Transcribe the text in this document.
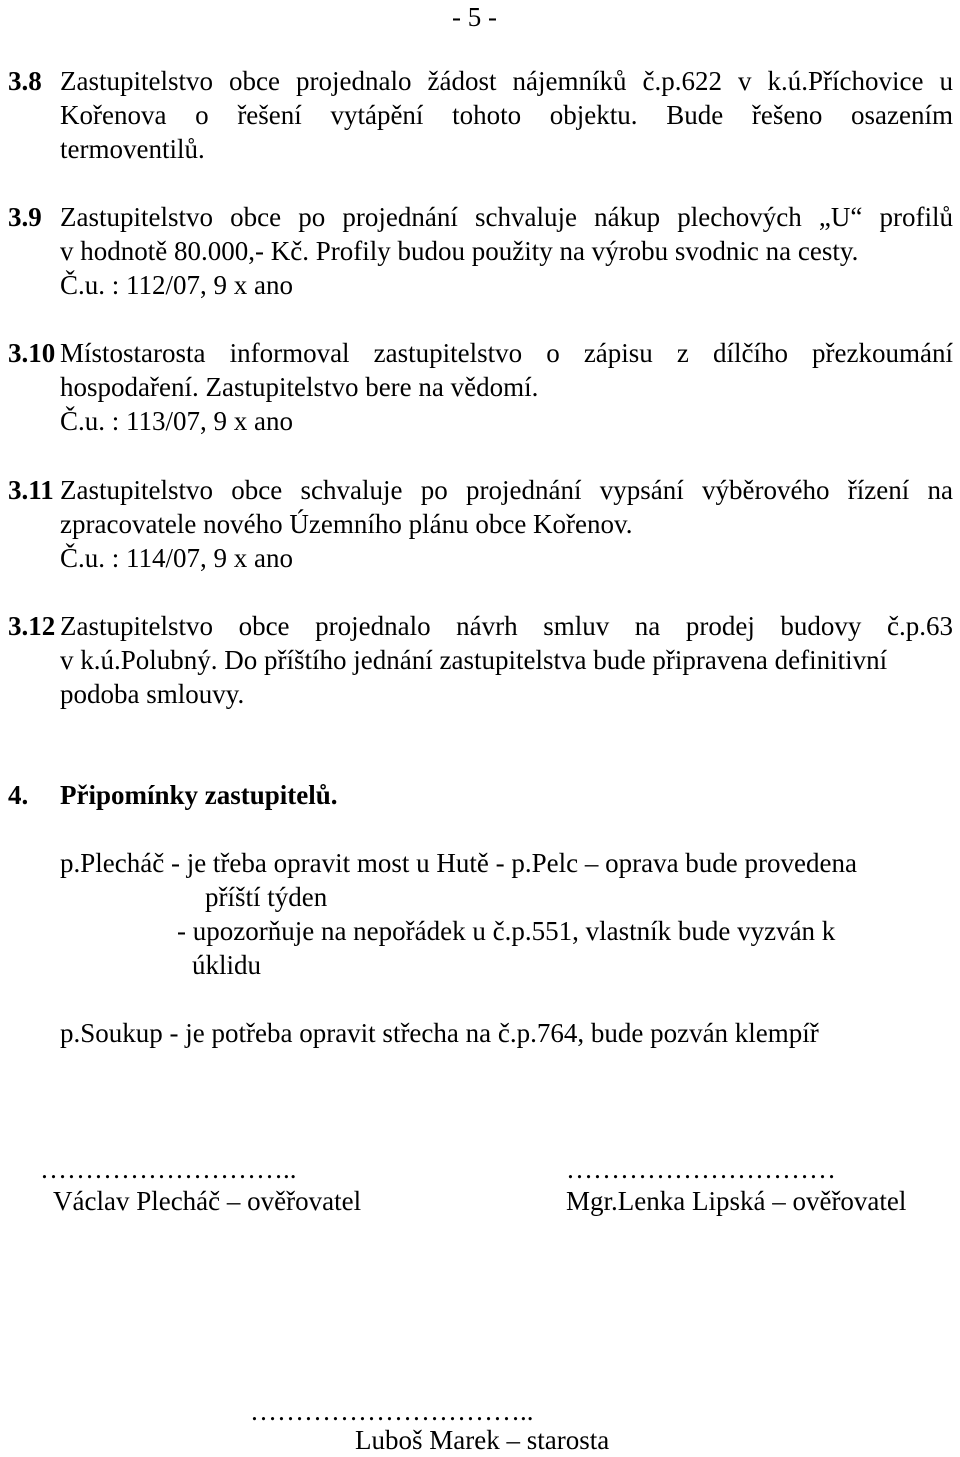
- 5 -
3.8 Zastupitelstvo obce projednalo žádost nájemníků č.p.622 v k.ú.Příchovice u
Kořenova o řešení vytápění tohoto objektu. Bude řešeno osazením
termoventilů.
3.9 Zastupitelstvo obce po projednání schvaluje nákup plechových „U“ profilů
v hodnotě 80.000,- Kč. Profily budou použity na výrobu svodnic na cesty.
Č.u. : 112/07, 9 x ano
3.10 Místostarosta informoval zastupitelstvo o zápisu z dílčího přezkoumání
hospodaření. Zastupitelstvo bere na vědomí.
Č.u. : 113/07, 9 x ano
3.11 Zastupitelstvo obce schvaluje po projednání vypsání výběrového řízení na
zpracovatele nového Územního plánu obce Kořenov.
Č.u. : 114/07, 9 x ano
3.12 Zastupitelstvo obce projednalo návrh smluv na prodej budovy č.p.63
v k.ú.Polubný. Do příštího jednání zastupitelstva bude připravena definitivní
podoba smlouvy.
4. Připomínky zastupitelů.
p.Plecháč - je třeba opravit most u Hutě - p.Pelc – oprava bude provedena
příští týden
- upozorňuje na nepořádek u č.p.551, vlastník bude vyzván k
úklidu
p.Soukup - je potřeba opravit střecha na č.p.764, bude pozván klempíř
………………………..
Václav Plecháč – ověřovatel
…………………………
Mgr.Lenka Lipská – ověřovatel
…………………………..
Luboš Marek – starosta
